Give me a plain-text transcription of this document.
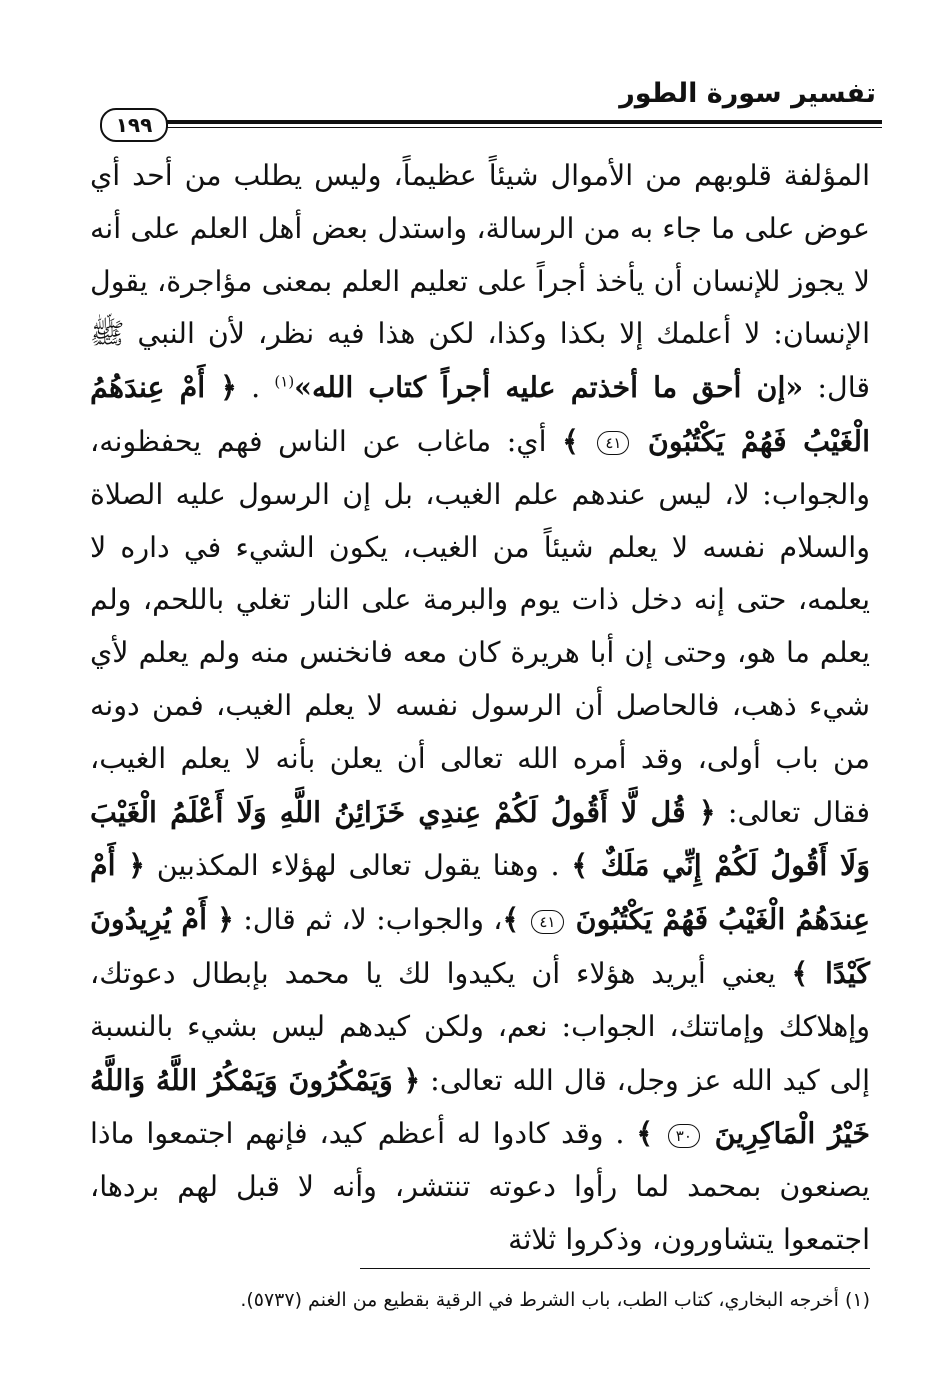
تفسير سورة الطور
١٩٩

المؤلفة قلوبهم من الأموال شيئاً عظيماً، وليس يطلب من أحد أي عوض على ما جاء به من الرسالة، واستدل بعض أهل العلم على أنه لا يجوز للإنسان أن يأخذ أجراً على تعليم العلم بمعنى مؤاجرة، يقول الإنسان: لا أعلمك إلا بكذا وكذا، لكن هذا فيه نظر، لأن النبي ﷺ قال: «إن أحق ما أخذتم عليه أجراً كتاب الله»$^{(١)}$ . ﴿ أَمْ عِندَهُمُ الْغَيْبُ فَهُمْ يَكْتُبُونَ ٤١ ﴾ أي: ماغاب عن الناس فهم يحفظونه، والجواب: لا، ليس عندهم علم الغيب، بل إن الرسول عليه الصلاة والسلام نفسه لا يعلم شيئاً من الغيب، يكون الشيء في داره لا يعلمه، حتى إنه دخل ذات يوم والبرمة على النار تغلي باللحم، ولم يعلم ما هو، وحتى إن أبا هريرة كان معه فانخنس منه ولم يعلم لأي شيء ذهب، فالحاصل أن الرسول نفسه لا يعلم الغيب، فمن دونه من باب أولى، وقد أمره الله تعالى أن يعلن بأنه لا يعلم الغيب، فقال تعالى: ﴿ قُل لَّا أَقُولُ لَكُمْ عِندِي خَزَائِنُ اللَّهِ وَلَا أَعْلَمُ الْغَيْبَ وَلَا أَقُولُ لَكُمْ إِنِّي مَلَكٌ ﴾ . وهنا يقول تعالى لهؤلاء المكذبين ﴿ أَمْ عِندَهُمُ الْغَيْبُ فَهُمْ يَكْتُبُونَ ٤١ ﴾، والجواب: لا، ثم قال: ﴿ أَمْ يُرِيدُونَ كَيْدًا ﴾ يعني أيريد هؤلاء أن يكيدوا لك يا محمد بإبطال دعوتك، وإهلاكك وإماتتك، الجواب: نعم، ولكن كيدهم ليس بشيء بالنسبة إلى كيد الله عز وجل، قال الله تعالى: ﴿ وَيَمْكُرُونَ وَيَمْكُرُ اللَّهُ وَاللَّهُ خَيْرُ الْمَاكِرِينَ ٣٠ ﴾ . وقد كادوا له أعظم كيد، فإنهم اجتمعوا ماذا يصنعون بمحمد لما رأوا دعوته تنتشر، وأنه لا قبل لهم بردها، اجتمعوا يتشاورون، وذكروا ثلاثة

(١) أخرجه البخاري، كتاب الطب، باب الشرط في الرقية بقطيع من الغنم (٥٧٣٧).
